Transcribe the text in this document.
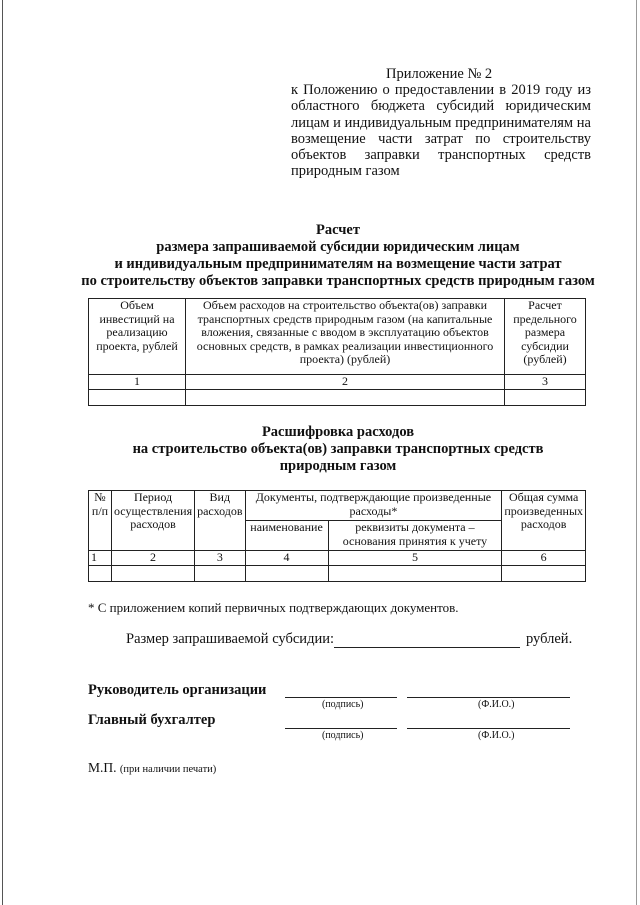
Приложение № 2
к Положению о предоставлении в 2019 году из областного бюджета субсидий юридическим лицам и индивидуальным предпринимателям на возмещение части затрат по строительству объектов заправки транспортных средств природным газом
Расчет
размера запрашиваемой субсидии юридическим лицам
и индивидуальным предпринимателям на возмещение части затрат
по строительству объектов заправки транспортных средств природным газом
Объем инвестиций на реализацию проекта, рублей	Объем расходов на строительство объекта(ов) заправки транспортных средств природным газом (на капитальные вложения, связанные с вводом в эксплуатацию объектов основных средств, в рамках реализации инвестиционного проекта) (рублей)	Расчет предельного размера субсидии (рублей)
1	2	3

Расшифровка расходов
на строительство объекта(ов) заправки транспортных средств
природным газом
№ п/п	Период осуществления расходов	Вид расходов	Документы, подтверждающие произведенные расходы*		Общая сумма произведенных расходов
			наименование	реквизиты документа – основания принятия к учету	
1	2	3	4	5	6

* С приложением копий первичных подтверждающих документов.
Размер запрашиваемой субсидии:	рублей.
Руководитель организации
(подпись)	(Ф.И.О.)
Главный бухгалтер
(подпись)	(Ф.И.О.)
М.П. (при наличии печати)
